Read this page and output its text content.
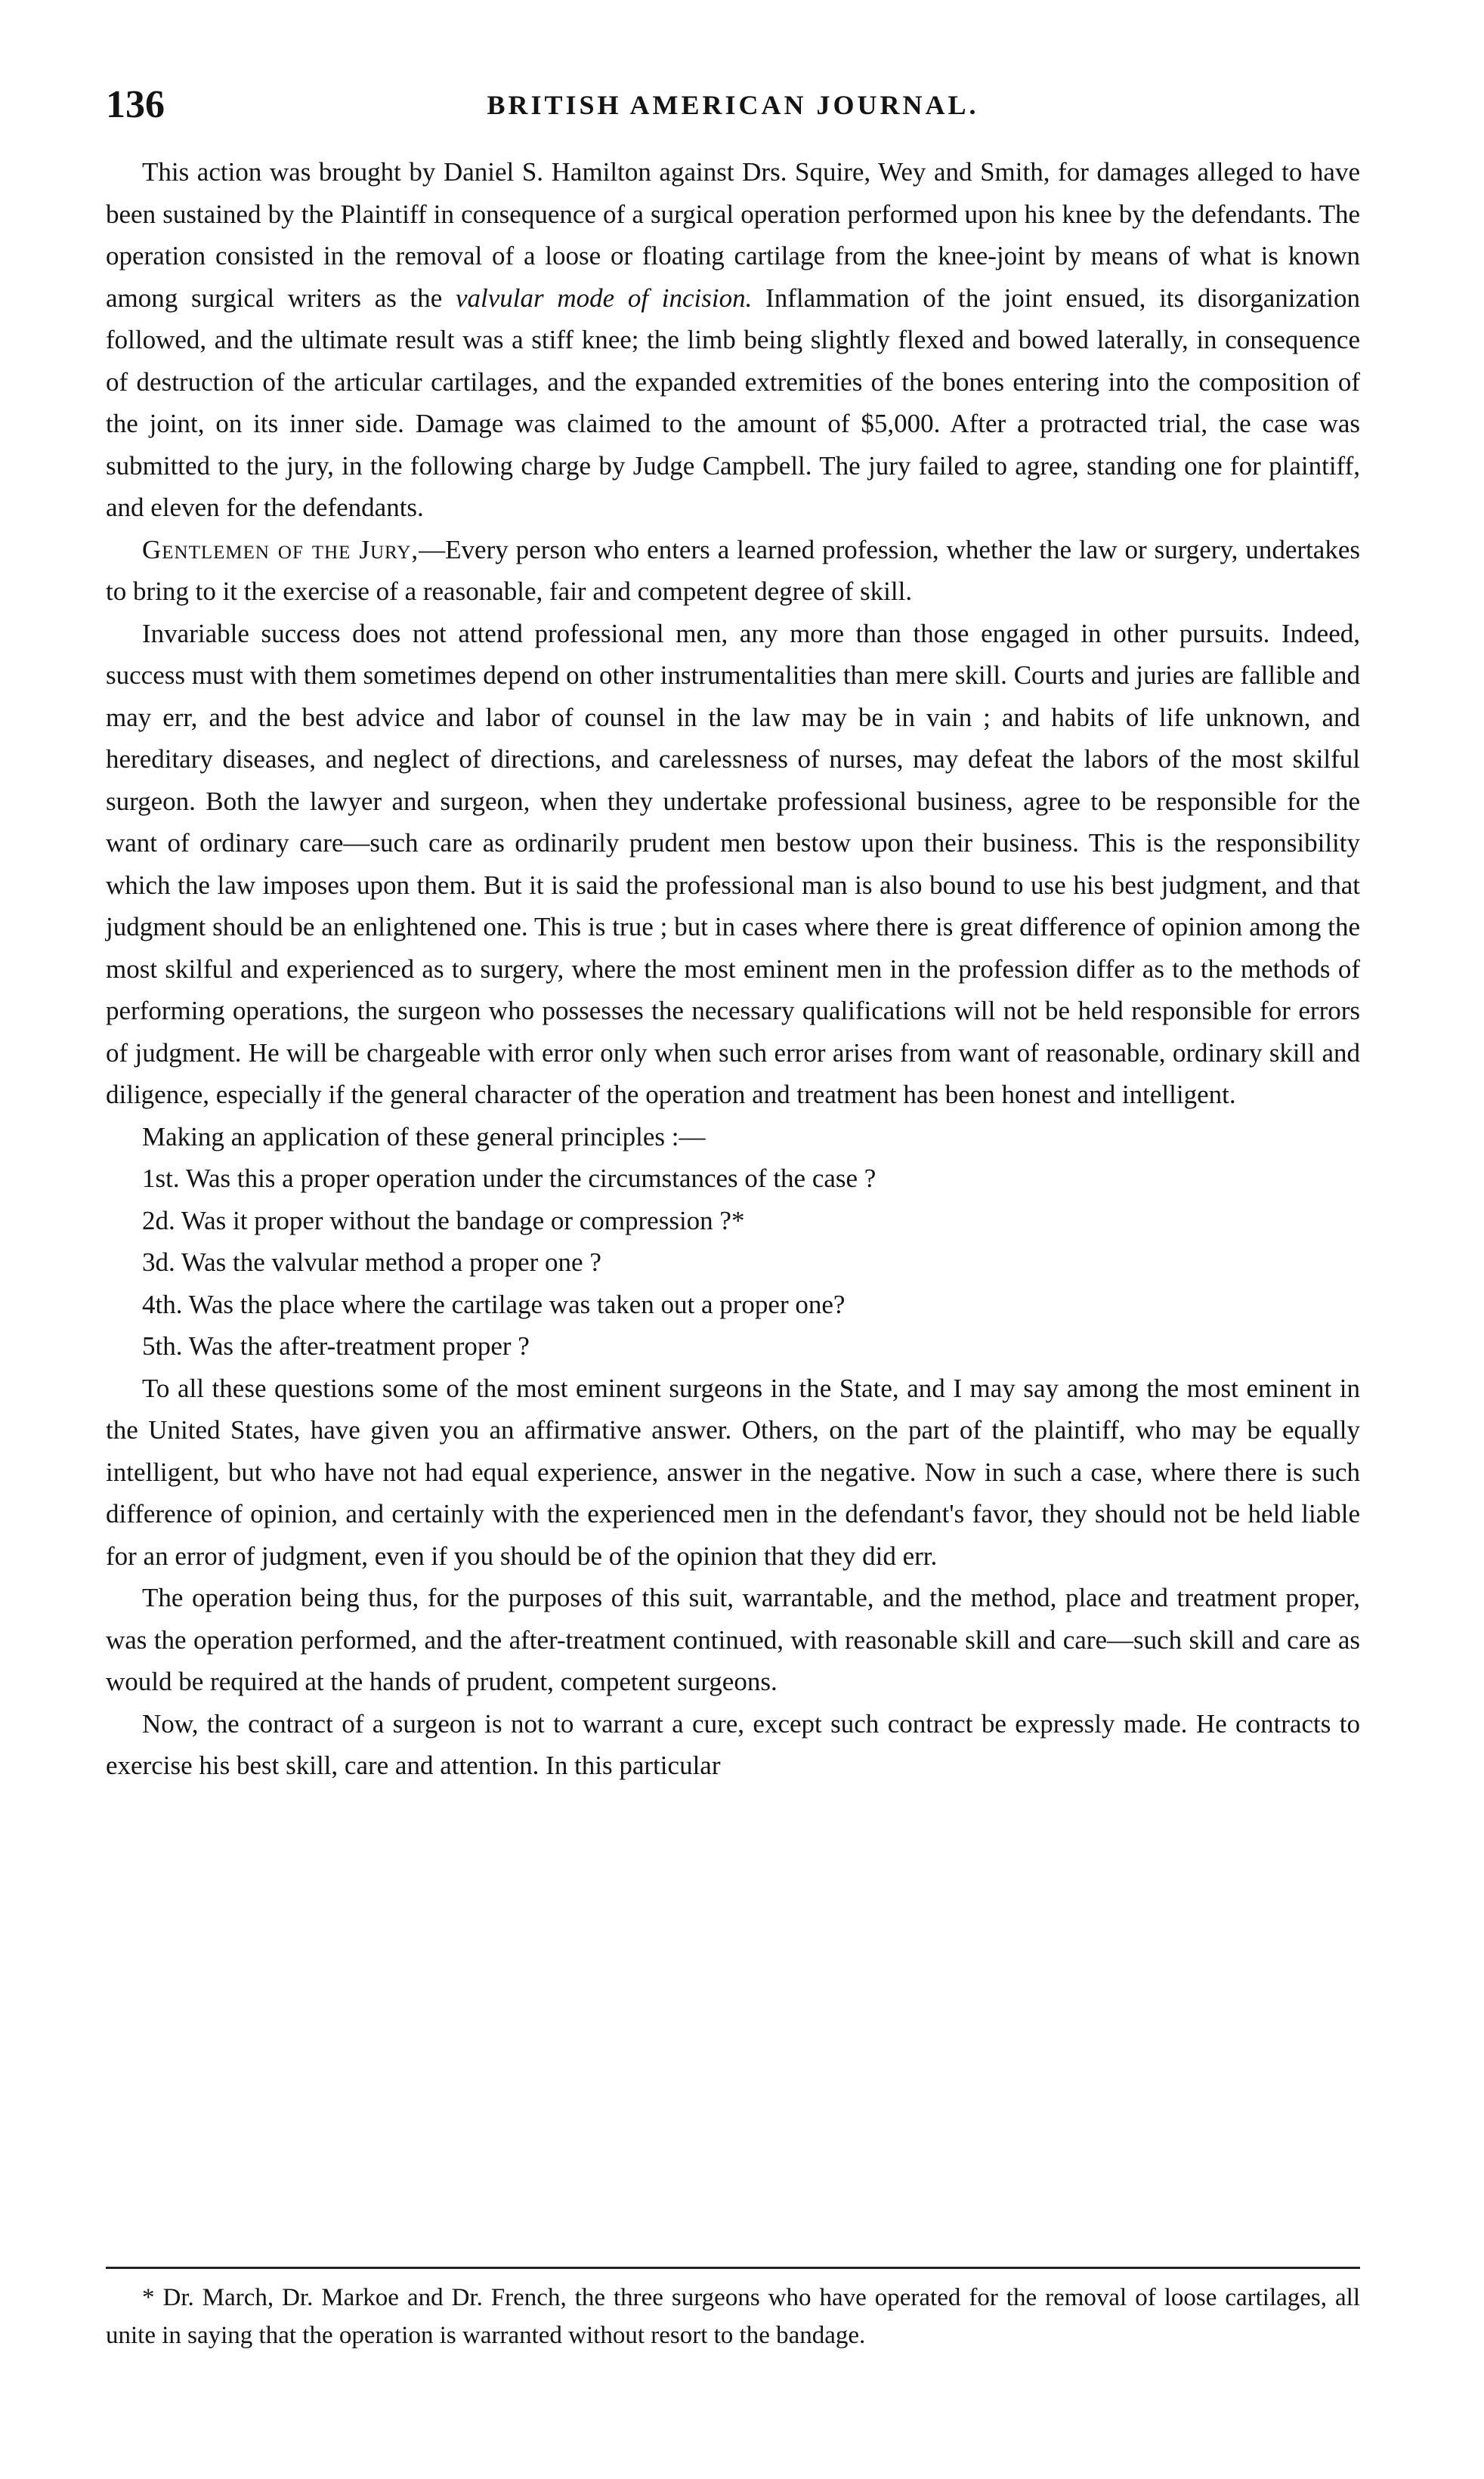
136	BRITISH AMERICAN JOURNAL.

This action was brought by Daniel S. Hamilton against Drs. Squire, Wey and Smith, for damages alleged to have been sustained by the Plaintiff in consequence of a surgical operation performed upon his knee by the defendants. The operation consisted in the removal of a loose or floating cartilage from the knee-joint by means of what is known among surgical writers as the valvular mode of incision. Inflammation of the joint ensued, its disorganization followed, and the ultimate result was a stiff knee; the limb being slightly flexed and bowed laterally, in consequence of destruction of the articular cartilages, and the expanded extremities of the bones entering into the composition of the joint, on its inner side. Damage was claimed to the amount of $5,000. After a protracted trial, the case was submitted to the jury, in the following charge by Judge Campbell. The jury failed to agree, standing one for plaintiff, and eleven for the defendants.

Gentlemen of the Jury,—Every person who enters a learned profession, whether the law or surgery, undertakes to bring to it the exercise of a reasonable, fair and competent degree of skill.

Invariable success does not attend professional men, any more than those engaged in other pursuits. Indeed, success must with them sometimes depend on other instrumentalities than mere skill. Courts and juries are fallible and may err, and the best advice and labor of counsel in the law may be in vain ; and habits of life unknown, and hereditary diseases, and neglect of directions, and carelessness of nurses, may defeat the labors of the most skilful surgeon. Both the lawyer and surgeon, when they undertake professional business, agree to be responsible for the want of ordinary care—such care as ordinarily prudent men bestow upon their business. This is the responsibility which the law imposes upon them. But it is said the professional man is also bound to use his best judgment, and that judgment should be an enlightened one. This is true ; but in cases where there is great difference of opinion among the most skilful and experienced as to surgery, where the most eminent men in the profession differ as to the methods of performing operations, the surgeon who possesses the necessary qualifications will not be held responsible for errors of judgment. He will be chargeable with error only when such error arises from want of reasonable, ordinary skill and diligence, especially if the general character of the operation and treatment has been honest and intelligent.

Making an application of these general principles :—
1st. Was this a proper operation under the circumstances of the case ?
2d. Was it proper without the bandage or compression ?*
3d. Was the valvular method a proper one ?
4th. Was the place where the cartilage was taken out a proper one?
5th. Was the after-treatment proper ?

To all these questions some of the most eminent surgeons in the State, and I may say among the most eminent in the United States, have given you an affirmative answer. Others, on the part of the plaintiff, who may be equally intelligent, but who have not had equal experience, answer in the negative. Now in such a case, where there is such difference of opinion, and certainly with the experienced men in the defendant's favor, they should not be held liable for an error of judgment, even if you should be of the opinion that they did err.

The operation being thus, for the purposes of this suit, warrantable, and the method, place and treatment proper, was the operation performed, and the after-treatment continued, with reasonable skill and care—such skill and care as would be required at the hands of prudent, competent surgeons.

Now, the contract of a surgeon is not to warrant a cure, except such contract be expressly made. He contracts to exercise his best skill, care and attention. In this particular

* Dr. March, Dr. Markoe and Dr. French, the three surgeons who have operated for the removal of loose cartilages, all unite in saying that the operation is warranted without resort to the bandage.
